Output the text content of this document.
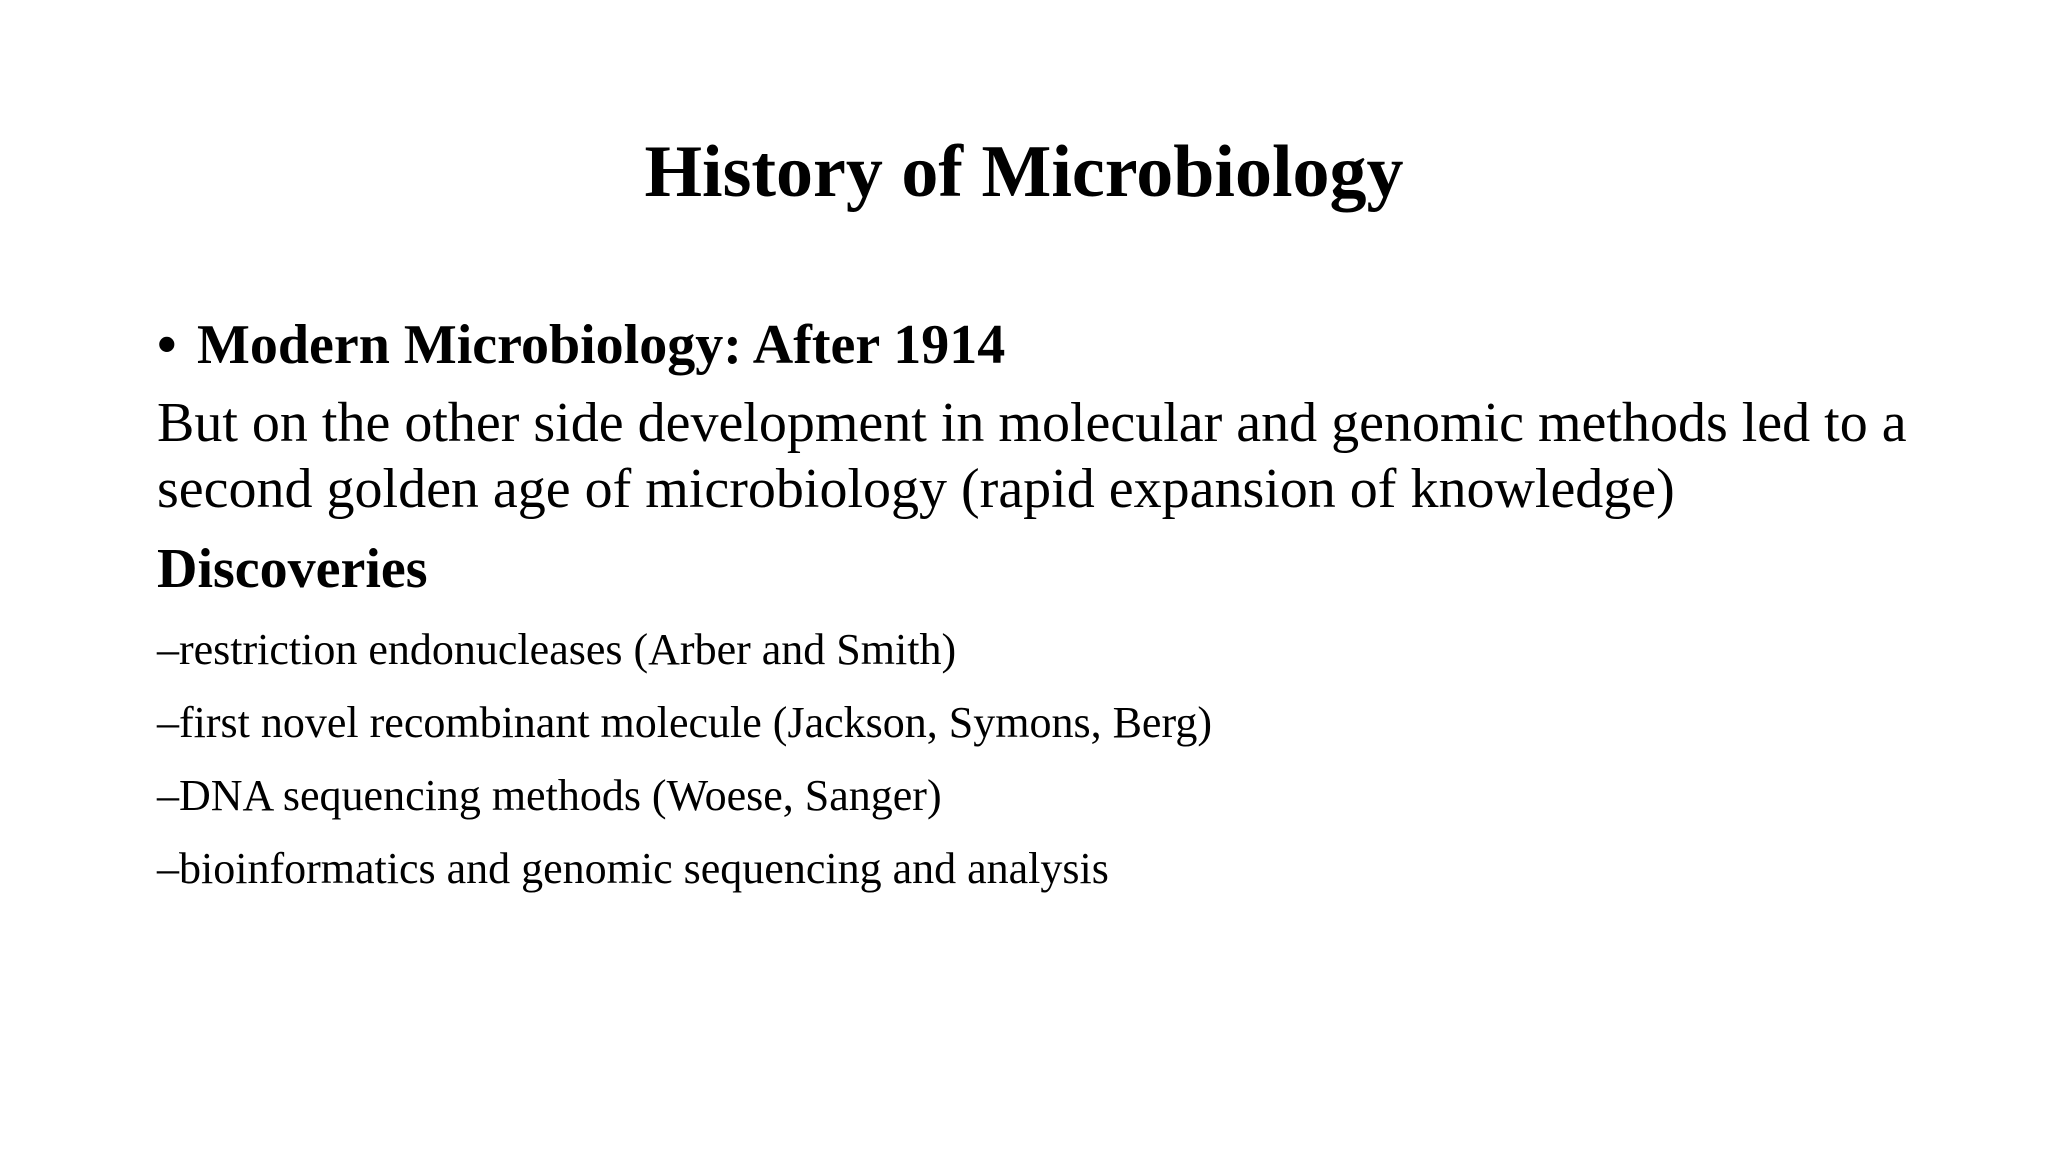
History of Microbiology
• Modern Microbiology: After 1914
But on the other side development in molecular and genomic methods led to a second golden age of microbiology (rapid expansion of knowledge)
Discoveries
– restriction endonucleases (Arber and Smith)
– first novel recombinant molecule (Jackson, Symons, Berg)
– DNA sequencing methods (Woese, Sanger)
– bioinformatics and genomic sequencing and analysis
